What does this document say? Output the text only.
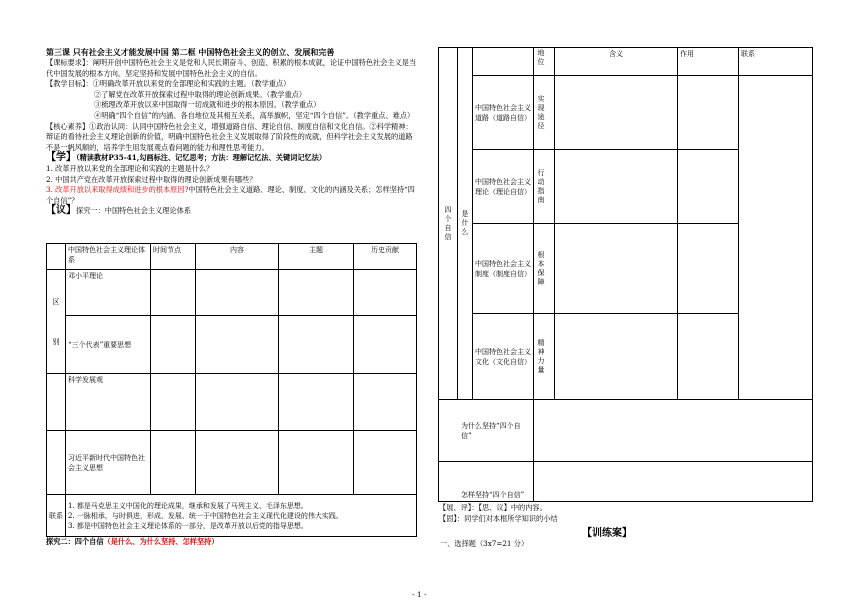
第三课 只有社会主义才能发展中国 第二框 中国特色社会主义的创立、发展和完善

【课标要求】：阐明开创中国特色社会主义是党和人民长期奋斗、创造、积累的根本成就，论证中国特色社会主义是当代中国发展的根本方向。坚定坚持和发展中国特色社会主义的自信。

【教学目标】：①明确改革开放以来党的全部理论和实践的主题。（教学重点）

②了解党在改革开放探索过程中取得的理论创新成果。（教学重点）

③梳理改革开放以来中国取得一切成就和进步的根本原因。（教学重点）

④明确“四个自信”的内涵、各自地位及其相互关系，高举旗帜，坚定“四个自信”。（教学重点、难点）

【核心素养】①政治认同：认同中国特色社会主义，增强道路自信、理论自信、制度自信和文化自信。②科学精神：辩证的看待社会主义理论创新的价值，明确中国特色社会主义发展取得了阶段性的成就，但科学社会主义发展的道路不是一帆风顺的，培养学生用发展观点看问题的能力和理性思考能力。

【学】（精读教材P35-41,勾画标注、记忆思考；方法：理解记忆法、关键词记忆法）

1. 改革开放以来党的全部理论和实践的主题是什么？

2. 中国共产党在改革开放探索过程中取得的理论创新成果有哪些？

3. 改革开放以来取得成绩和进步的根本原因?中国特色社会主义道路、理论、制度、文化的内涵及关系；怎样坚持“四个自信”？

【议】探究一：中国特色社会主义理论体系

	中国特色社会主义理论体系	时间节点	内容	主题	历史贡献

区
别	邓小平理论				
	“三个代表”重要思想				
	科学发展观				
	习近平新时代中国特色社会主义思想				
联系	1. 都是马克思主义中国化的理论成果，继承和发展了马列主义、毛泽东思想。
2. 一脉相承，与时俱进，形成、发展、统一于中国特色社会主义现代化建设的伟大实践。
3. 都是中国特色社会主义理论体系的一部分，是改革开放以后党的指导思想。				
探究二：四个自信（是什么、为什么坚持、怎样坚持）
四个自信	是什么		地位	含义	作用	联系
		中国特色社会主义道路（道路自信）	实现途径			

		中国特色社会主义理论（理论自信）	行动指南			

		中国特色社会主义制度（制度自信）	根本保障			

		中国特色社会主义文化（文化自信）	精神力量			

为什么坚持“四个自信”						
怎样坚持“四个自信”						

【展、评】：【思、议】中的内容。

【固】：同学们对本框所学知识的小结

【训练案】
一、选择题（3x7=21 分）
- 1 -
